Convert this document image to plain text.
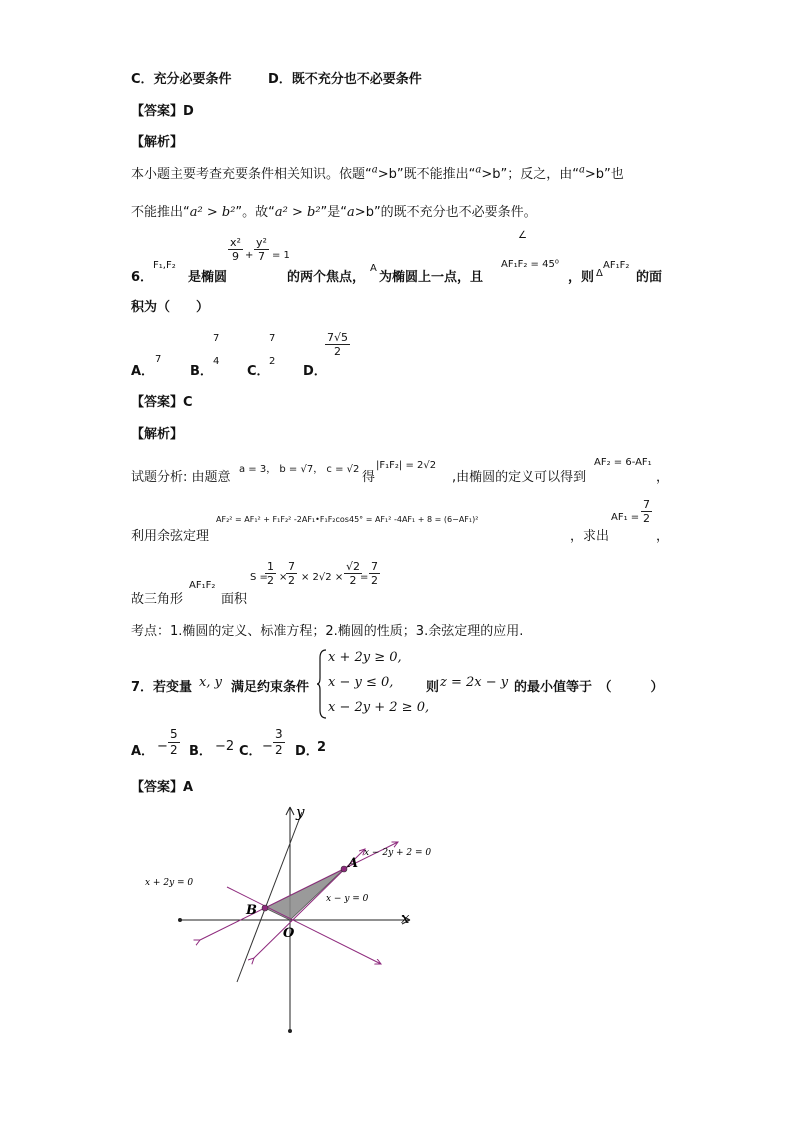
C．充分必要条件	D．既不充分也不必要条件
【答案】D
【解析】
本小题主要考查充要条件相关知识。依题“$^a$>b”既不能推出“$^a$>b”；反之，由“$^a$>b”也
不能推出“a² > b²”。故“a² > b²”是“a>b”的既不充分也不必要条件。
6．
F₁,F₂
是椭圆
$\frac{\text{x²}}{9} + \frac{\text{y²}}{7} = 1$
的两个焦点，
A
为椭圆上一点，且
∠
AF₁F₂ = 45⁰
，则 Δ
AF₁F₂
的面
积为（　　）
A．
7
B．
7
4
C．
7
2
D．
$\frac{7√5}{2}$
【答案】C
【解析】
试题分析: 由题意
a = 3， b = √7， c = √2
得
|F₁F₂| = 2√2
,由椭圆的定义可以得到
AF₂ = 6-AF₁
，
利用余弦定理
AF₂² = AF₁² + F₁F₂² -2AF₁•F₁F₂cos45° = AF₁² -4AF₁ + 8 = (6−AF₁)²
，求出
$AF_1 = \frac{7}{2}$
，
故三角形
AF₁F₂
面积
S =
$\frac{1}{2}$ ×
$\frac{7}{2} \times 2√2 \times \frac{√2}{2}$
= $\frac{7}{2}$
考点：1.椭圆的定义、标准方程；2.椭圆的性质；3.余弦定理的应用.
7．若变量 x, y 满足约束条件
x + 2y ≥ 0,
x − y ≤ 0,
x − 2y + 2 ≥ 0,
则 z = 2x − y 的最小值等于　（　　　）
A． − $\frac{5}{2}$ B． −2 C． − $\frac{3}{2}$ D．
2
【答案】A
y
x
O
A
B
x − 2y + 2 = 0
x + 2y = 0
x − y = 0
